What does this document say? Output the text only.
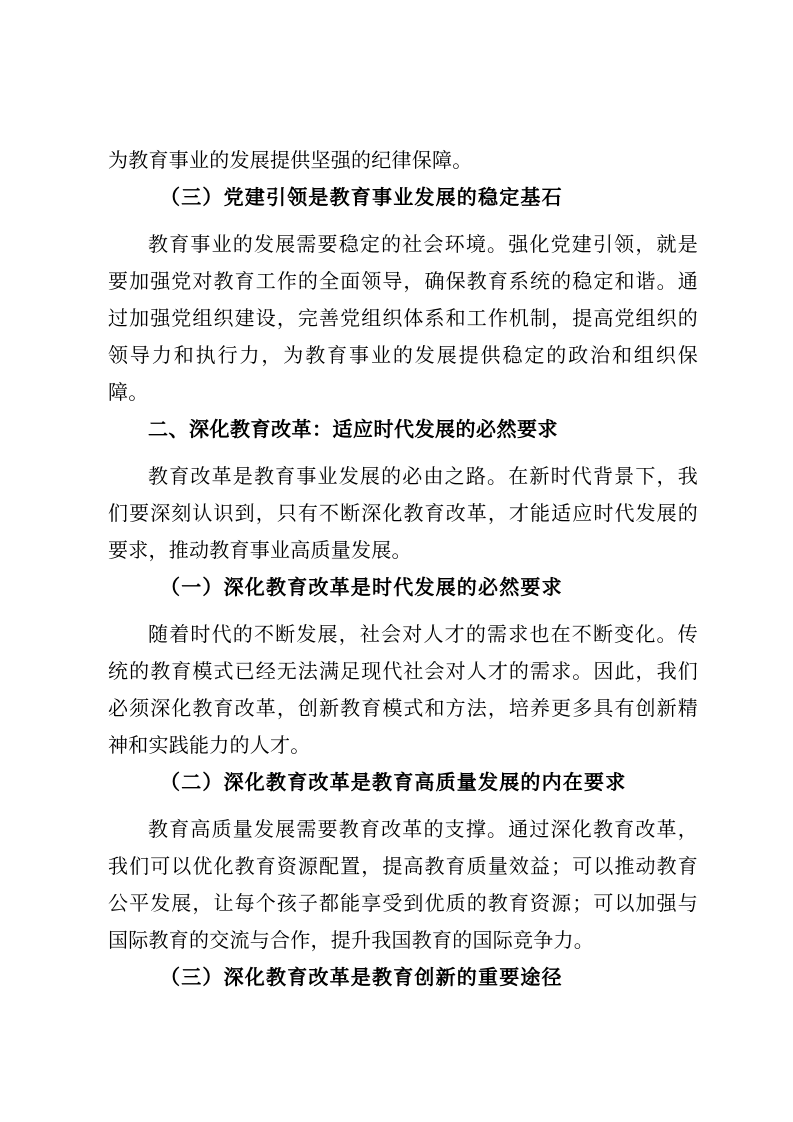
为教育事业的发展提供坚强的纪律保障。
（三）党建引领是教育事业发展的稳定基石
教育事业的发展需要稳定的社会环境。强化党建引领，就是
要加强党对教育工作的全面领导，确保教育系统的稳定和谐。通
过加强党组织建设，完善党组织体系和工作机制，提高党组织的
领导力和执行力，为教育事业的发展提供稳定的政治和组织保
障。
二、深化教育改革：适应时代发展的必然要求
教育改革是教育事业发展的必由之路。在新时代背景下，我
们要深刻认识到，只有不断深化教育改革，才能适应时代发展的
要求，推动教育事业高质量发展。
（一）深化教育改革是时代发展的必然要求
随着时代的不断发展，社会对人才的需求也在不断变化。传
统的教育模式已经无法满足现代社会对人才的需求。因此，我们
必须深化教育改革，创新教育模式和方法，培养更多具有创新精
神和实践能力的人才。
（二）深化教育改革是教育高质量发展的内在要求
教育高质量发展需要教育改革的支撑。通过深化教育改革，
我们可以优化教育资源配置，提高教育质量效益；可以推动教育
公平发展，让每个孩子都能享受到优质的教育资源；可以加强与
国际教育的交流与合作，提升我国教育的国际竞争力。
（三）深化教育改革是教育创新的重要途径
